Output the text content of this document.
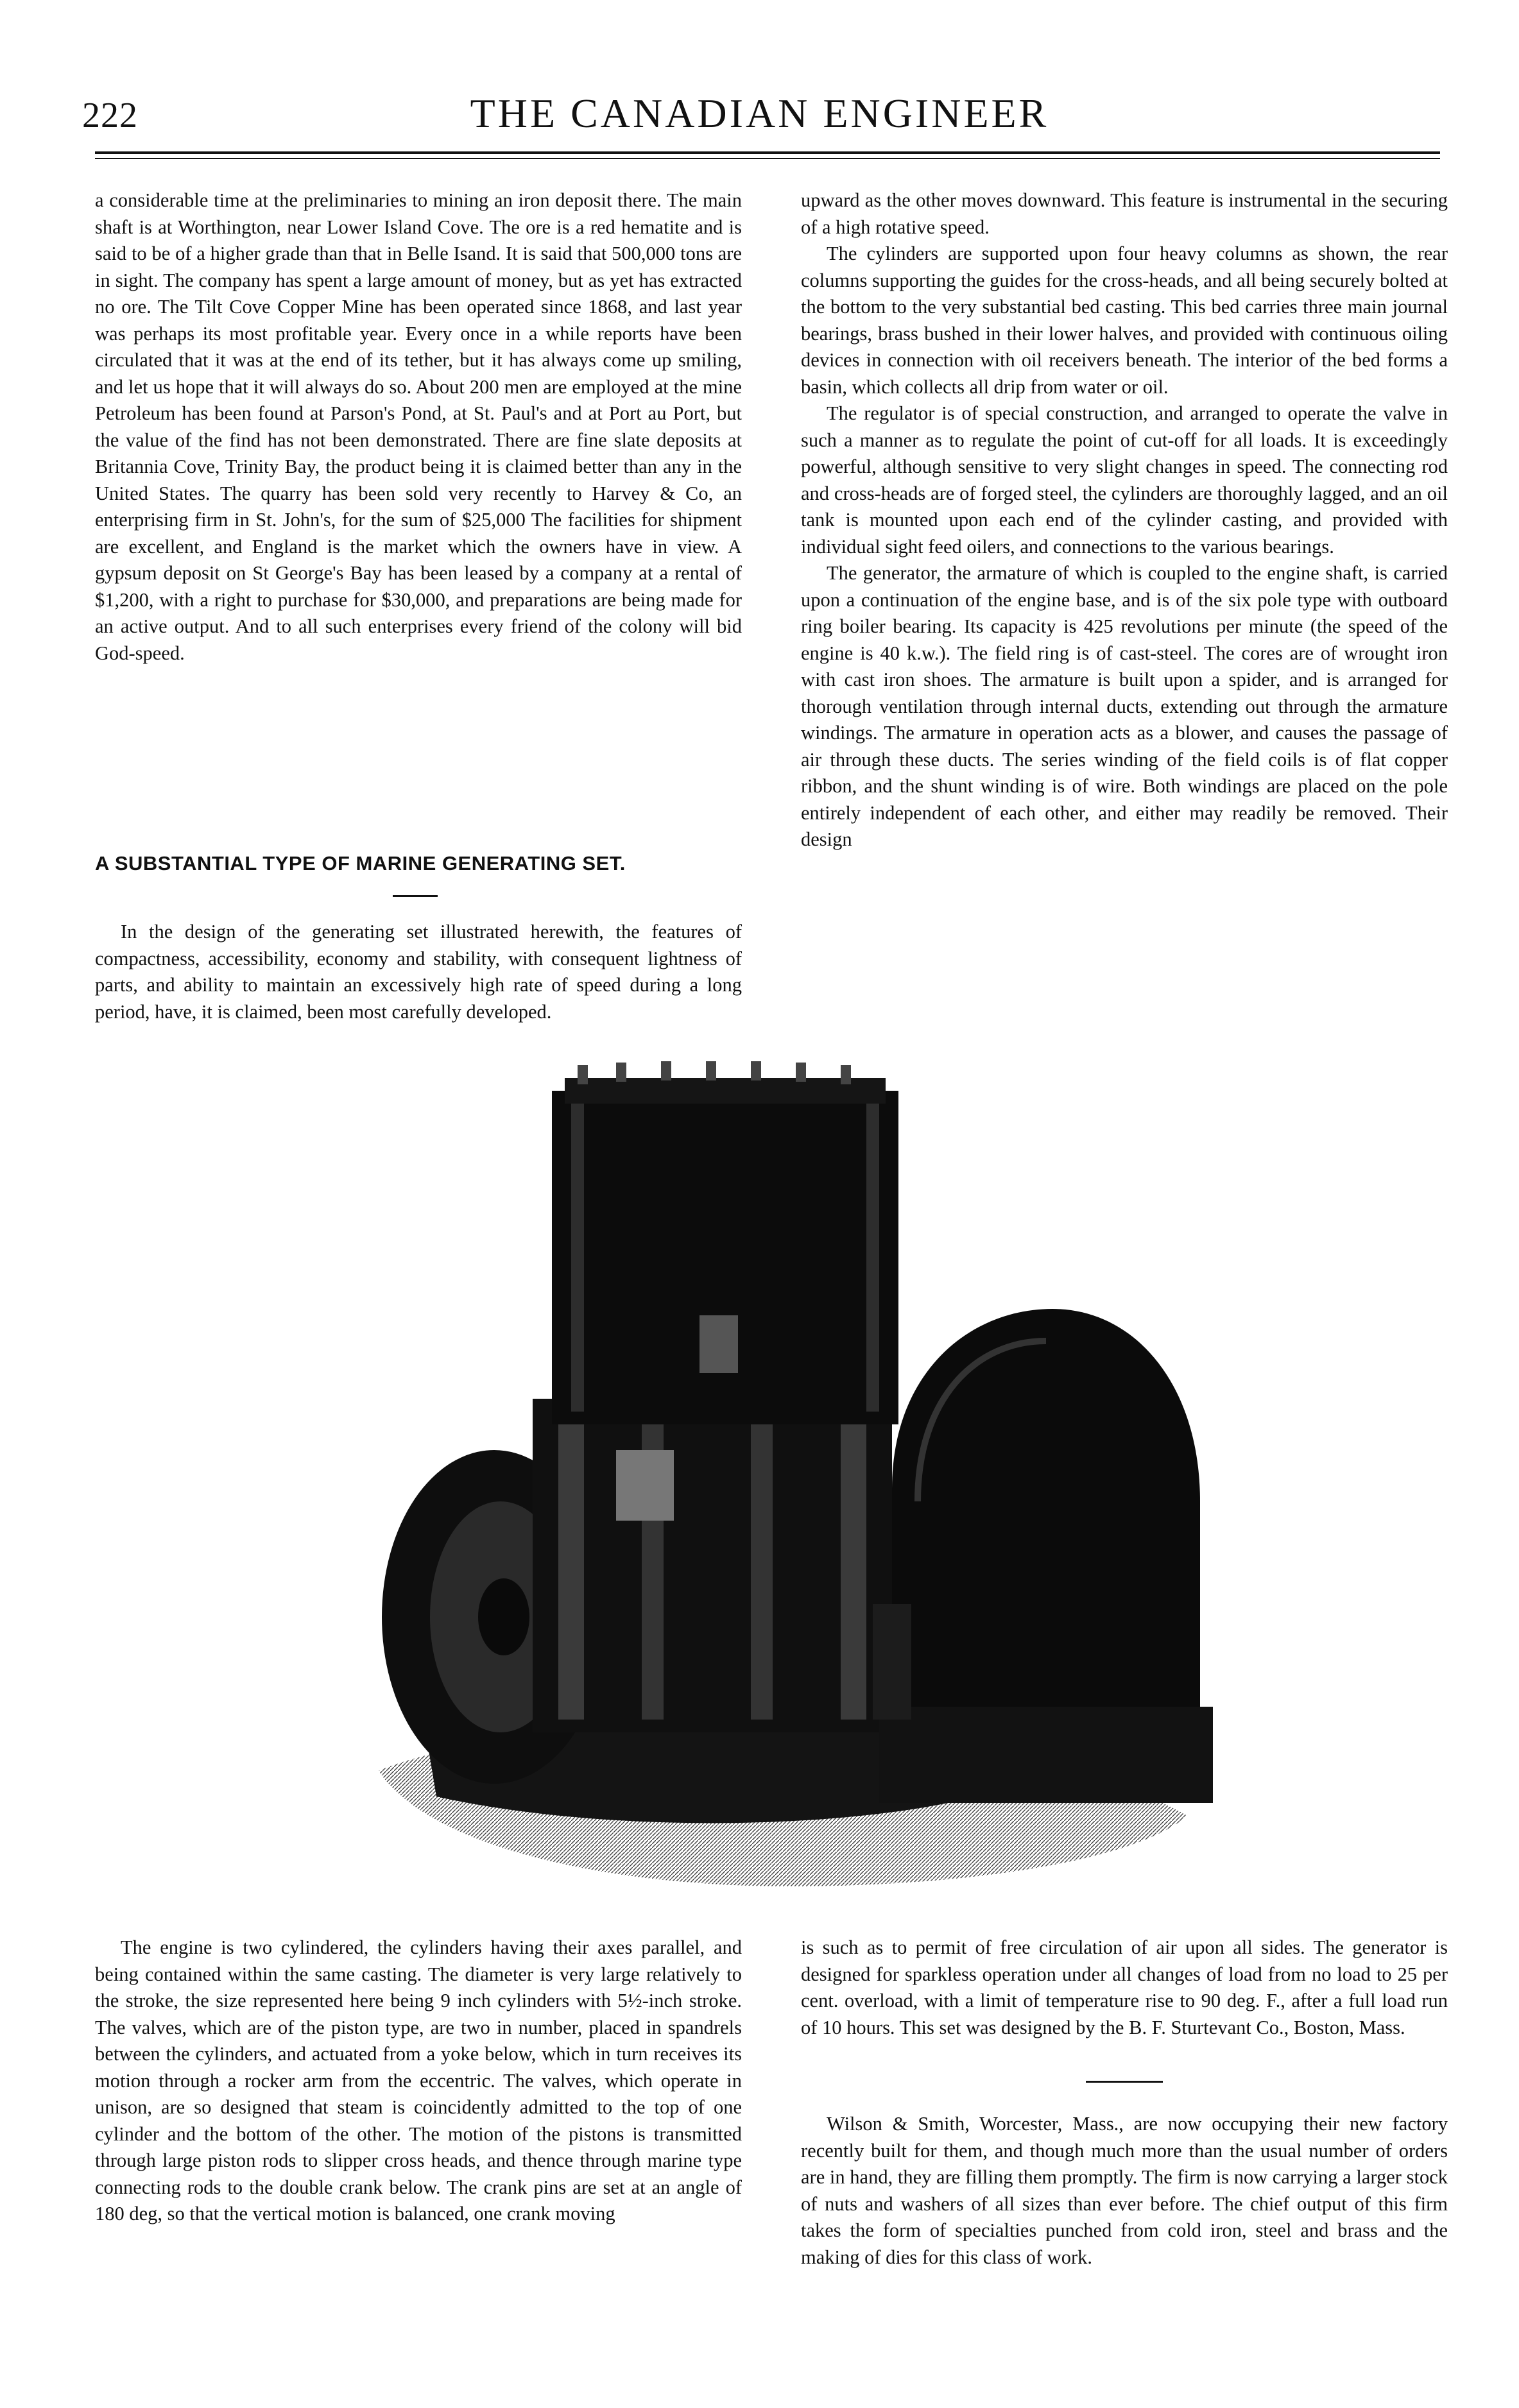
222	THE CANADIAN ENGINEER

a considerable time at the preliminaries to mining an iron deposit there. The main shaft is at Worthington, near Lower Island Cove. The ore is a red hematite and is said to be of a higher grade than that in Belle Isand. It is said that 500,000 tons are in sight. The company has spent a large amount of money, but as yet has extracted no ore. The Tilt Cove Copper Mine has been operated since 1868, and last year was perhaps its most profitable year. Every once in a while reports have been circulated that it was at the end of its tether, but it has always come up smiling, and let us hope that it will always do so. About 200 men are employed at the mine Petroleum has been found at Parson's Pond, at St. Paul's and at Port au Port, but the value of the find has not been demonstrated. There are fine slate deposits at Britannia Cove, Trinity Bay, the product being it is claimed better than any in the United States. The quarry has been sold very recently to Harvey & Co, an enterprising firm in St. John's, for the sum of $25,000 The facilities for shipment are excellent, and England is the market which the owners have in view. A gypsum deposit on St George's Bay has been leased by a company at a rental of $1,200, with a right to purchase for $30,000, and preparations are being made for an active output. And to all such enterprises every friend of the colony will bid God-speed.

A SUBSTANTIAL TYPE OF MARINE GENERATING SET.

In the design of the generating set illustrated herewith, the features of compactness, accessibility, economy and stability, with consequent lightness of parts, and ability to maintain an excessively high rate of speed during a long period, have, it is claimed, been most carefully developed.

upward as the other moves downward. This feature is instrumental in the securing of a high rotative speed.

The cylinders are supported upon four heavy columns as shown, the rear columns supporting the guides for the cross-heads, and all being securely bolted at the bottom to the very substantial bed casting. This bed carries three main journal bearings, brass bushed in their lower halves, and provided with continuous oiling devices in connection with oil receivers beneath. The interior of the bed forms a basin, which collects all drip from water or oil.

The regulator is of special construction, and arranged to operate the valve in such a manner as to regulate the point of cut-off for all loads. It is exceedingly powerful, although sensitive to very slight changes in speed. The connecting rod and cross-heads are of forged steel, the cylinders are thoroughly lagged, and an oil tank is mounted upon each end of the cylinder casting, and provided with individual sight feed oilers, and connections to the various bearings.

The generator, the armature of which is coupled to the engine shaft, is carried upon a continuation of the engine base, and is of the six pole type with outboard ring boiler bearing. Its capacity is 425 revolutions per minute (the speed of the engine is 40 k.w.). The field ring is of cast-steel. The cores are of wrought iron with cast iron shoes. The armature is built upon a spider, and is arranged for thorough ventilation through internal ducts, extending out through the armature windings. The armature in operation acts as a blower, and causes the passage of air through these ducts. The series winding of the field coils is of flat copper ribbon, and the shunt winding is of wire. Both windings are placed on the pole entirely independent of each other, and either may readily be removed. Their design

The engine is two cylindered, the cylinders having their axes parallel, and being contained within the same casting. The diameter is very large relatively to the stroke, the size represented here being 9 inch cylinders with 5½-inch stroke. The valves, which are of the piston type, are two in number, placed in spandrels between the cylinders, and actuated from a yoke below, which in turn receives its motion through a rocker arm from the eccentric. The valves, which operate in unison, are so designed that steam is coincidently admitted to the top of one cylinder and the bottom of the other. The motion of the pistons is transmitted through large piston rods to slipper cross heads, and thence through marine type connecting rods to the double crank below. The crank pins are set at an angle of 180 deg, so that the vertical motion is balanced, one crank moving

is such as to permit of free circulation of air upon all sides. The generator is designed for sparkless operation under all changes of load from no load to 25 per cent. overload, with a limit of temperature rise to 90 deg. F., after a full load run of 10 hours. This set was designed by the B. F. Sturtevant Co., Boston, Mass.

Wilson & Smith, Worcester, Mass., are now occupying their new factory recently built for them, and though much more than the usual number of orders are in hand, they are filling them promptly. The firm is now carrying a larger stock of nuts and washers of all sizes than ever before. The chief output of this firm takes the form of specialties punched from cold iron, steel and brass and the making of dies for this class of work.
